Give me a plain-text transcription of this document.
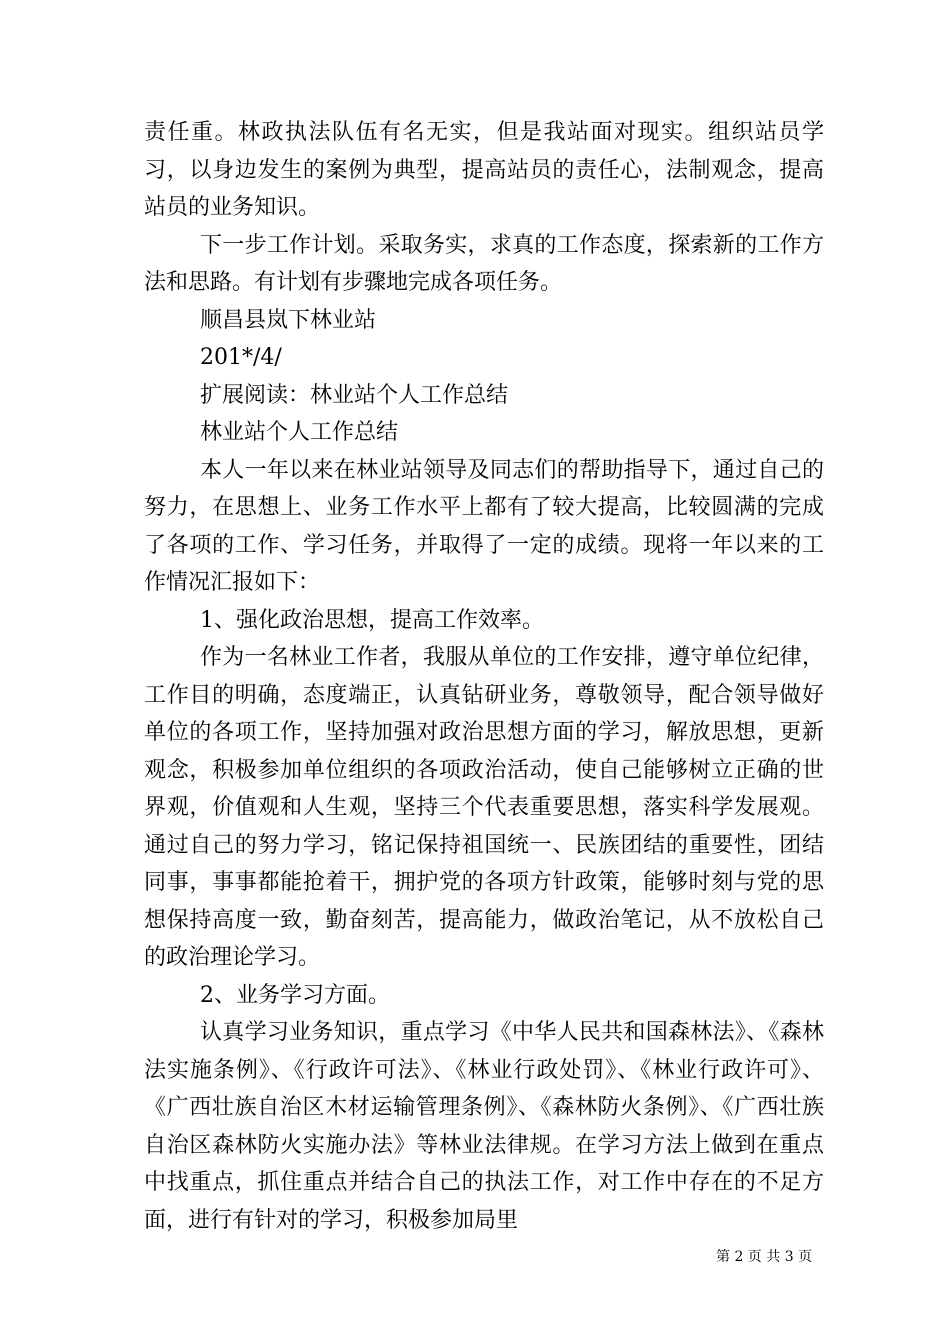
责任重。林政执法队伍有名无实，但是我站面对现实。组织站员学习，以身边发生的案例为典型，提高站员的责任心，法制观念，提高站员的业务知识。

下一步工作计划。采取务实，求真的工作态度，探索新的工作方法和思路。有计划有步骤地完成各项任务。

顺昌县岚下林业站

201*/4/

扩展阅读：林业站个人工作总结

林业站个人工作总结

本人一年以来在林业站领导及同志们的帮助指导下，通过自己的努力，在思想上、业务工作水平上都有了较大提高，比较圆满的完成了各项的工作、学习任务，并取得了一定的成绩。现将一年以来的工作情况汇报如下：

1、强化政治思想，提高工作效率。

作为一名林业工作者，我服从单位的工作安排，遵守单位纪律，工作目的明确，态度端正，认真钻研业务，尊敬领导，配合领导做好单位的各项工作，坚持加强对政治思想方面的学习，解放思想，更新观念，积极参加单位组织的各项政治活动，使自己能够树立正确的世界观，价值观和人生观，坚持三个代表重要思想，落实科学发展观。通过自己的努力学习，铭记保持祖国统一、民族团结的重要性，团结同事，事事都能抢着干，拥护党的各项方针政策，能够时刻与党的思想保持高度一致，勤奋刻苦，提高能力，做政治笔记，从不放松自己的政治理论学习。

2、业务学习方面。

认真学习业务知识，重点学习《中华人民共和国森林法》、《森林法实施条例》、《行政许可法》、《林业行政处罚》、《林业行政许可》、《广西壮族自治区木材运输管理条例》、《森林防火条例》、《广西壮族自治区森林防火实施办法》等林业法律规。在学习方法上做到在重点中找重点，抓住重点并结合自己的执法工作，对工作中存在的不足方面，进行有针对的学习，积极参加局里

第 2 页 共 3 页
